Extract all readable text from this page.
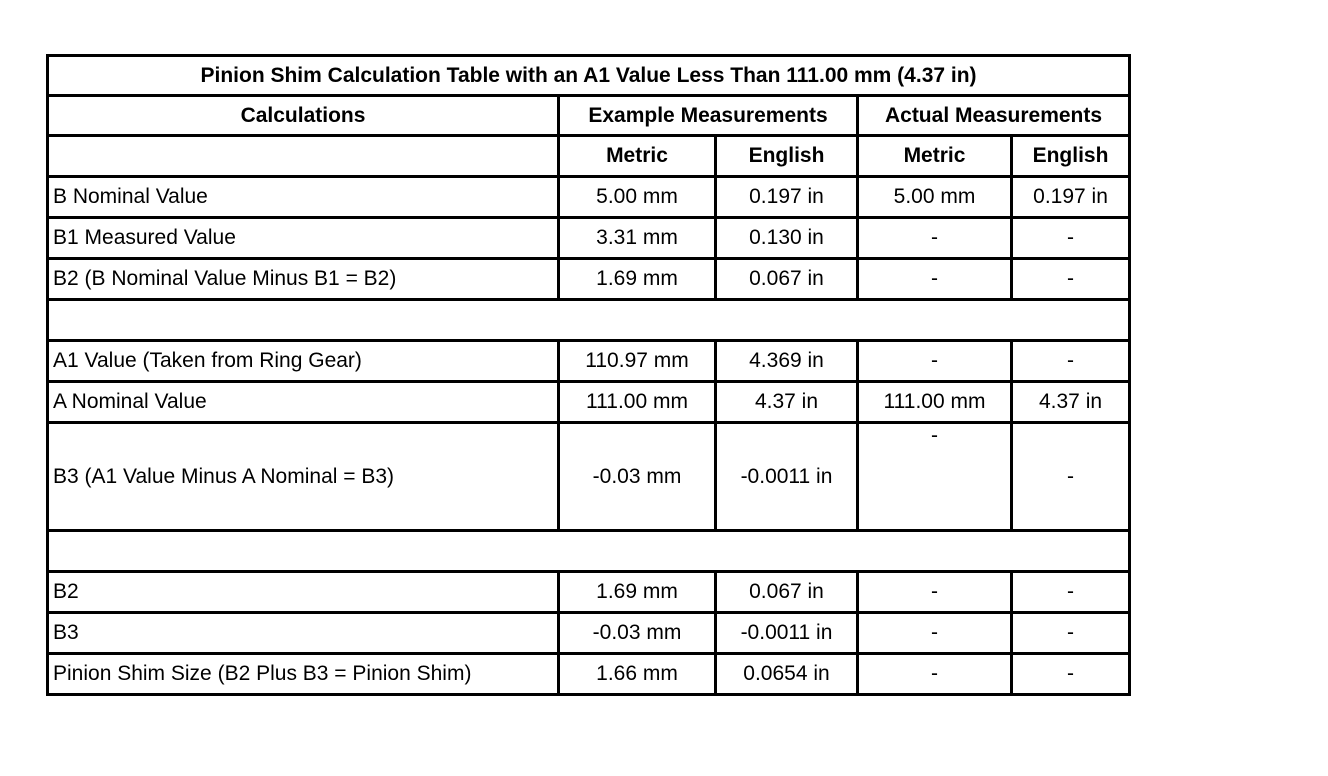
Pinion Shim Calculation Table with an A1 Value Less Than 111.00 mm (4.37 in)				
Calculations	Example Measurements		Actual Measurements	
	Metric	English	Metric	English
B Nominal Value	5.00 mm	0.197 in	5.00 mm	0.197 in
B1 Measured Value	3.31 mm	0.130 in	-	-
B2 (B Nominal Value Minus B1 = B2)	1.69 mm	0.067 in	-	-

A1 Value (Taken from Ring Gear)	110.97 mm	4.369 in	-	-
A Nominal Value	111.00 mm	4.37 in	111.00 mm	4.37 in
B3 (A1 Value Minus A Nominal = B3)	-0.03 mm	-0.0011 in	-	-

B2	1.69 mm	0.067 in	-	-
B3	-0.03 mm	-0.0011 in	-	-
Pinion Shim Size (B2 Plus B3 = Pinion Shim)	1.66 mm	0.0654 in	-	-
